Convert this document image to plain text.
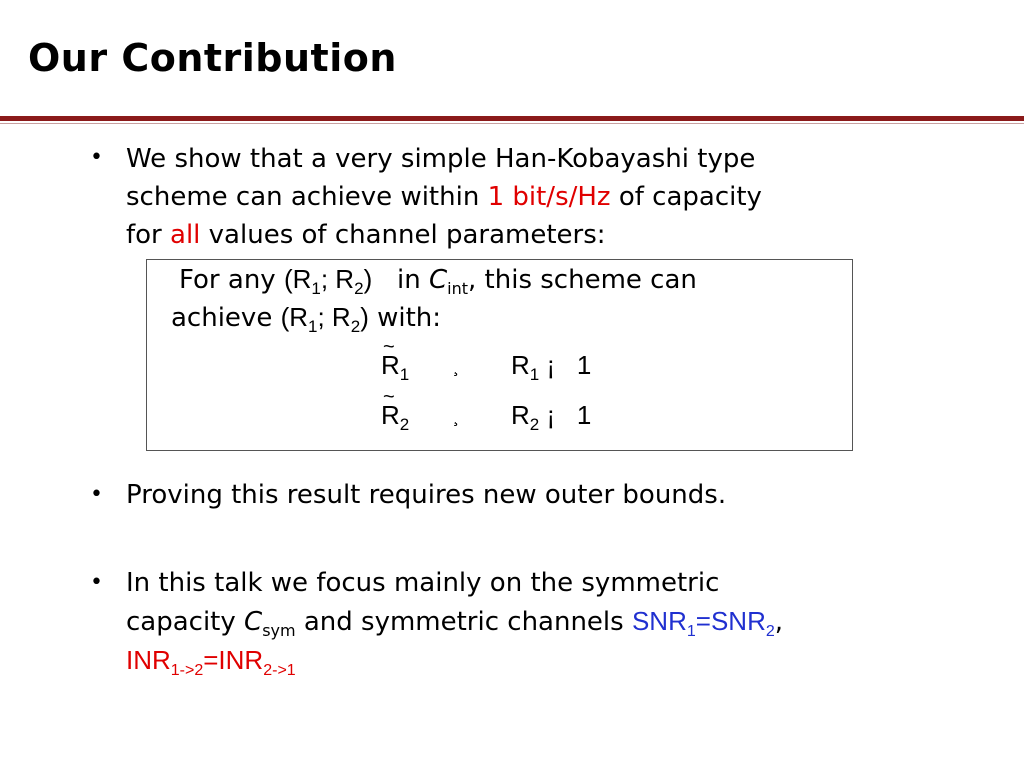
Our Contribution
• We show that a very simple Han-Kobayashi type
scheme can achieve within 1 bit/s/Hz of capacity
for all values of channel parameters:
For any ($R_1$; $R_2$) in $C_{int}$, this scheme can
achieve ($R_1$; $R_2$) with:
~ $R_1$ ¸ $R_1$ ¡ 1
~ $R_2$ ¸ $R_2$ ¡ 1
• Proving this result requires new outer bounds.
• In this talk we focus mainly on the symmetric
capacity $C_{sym}$ and symmetric channels $SNR_1=SNR_2$,
$INR_{1->2}=INR_{2->1}$
